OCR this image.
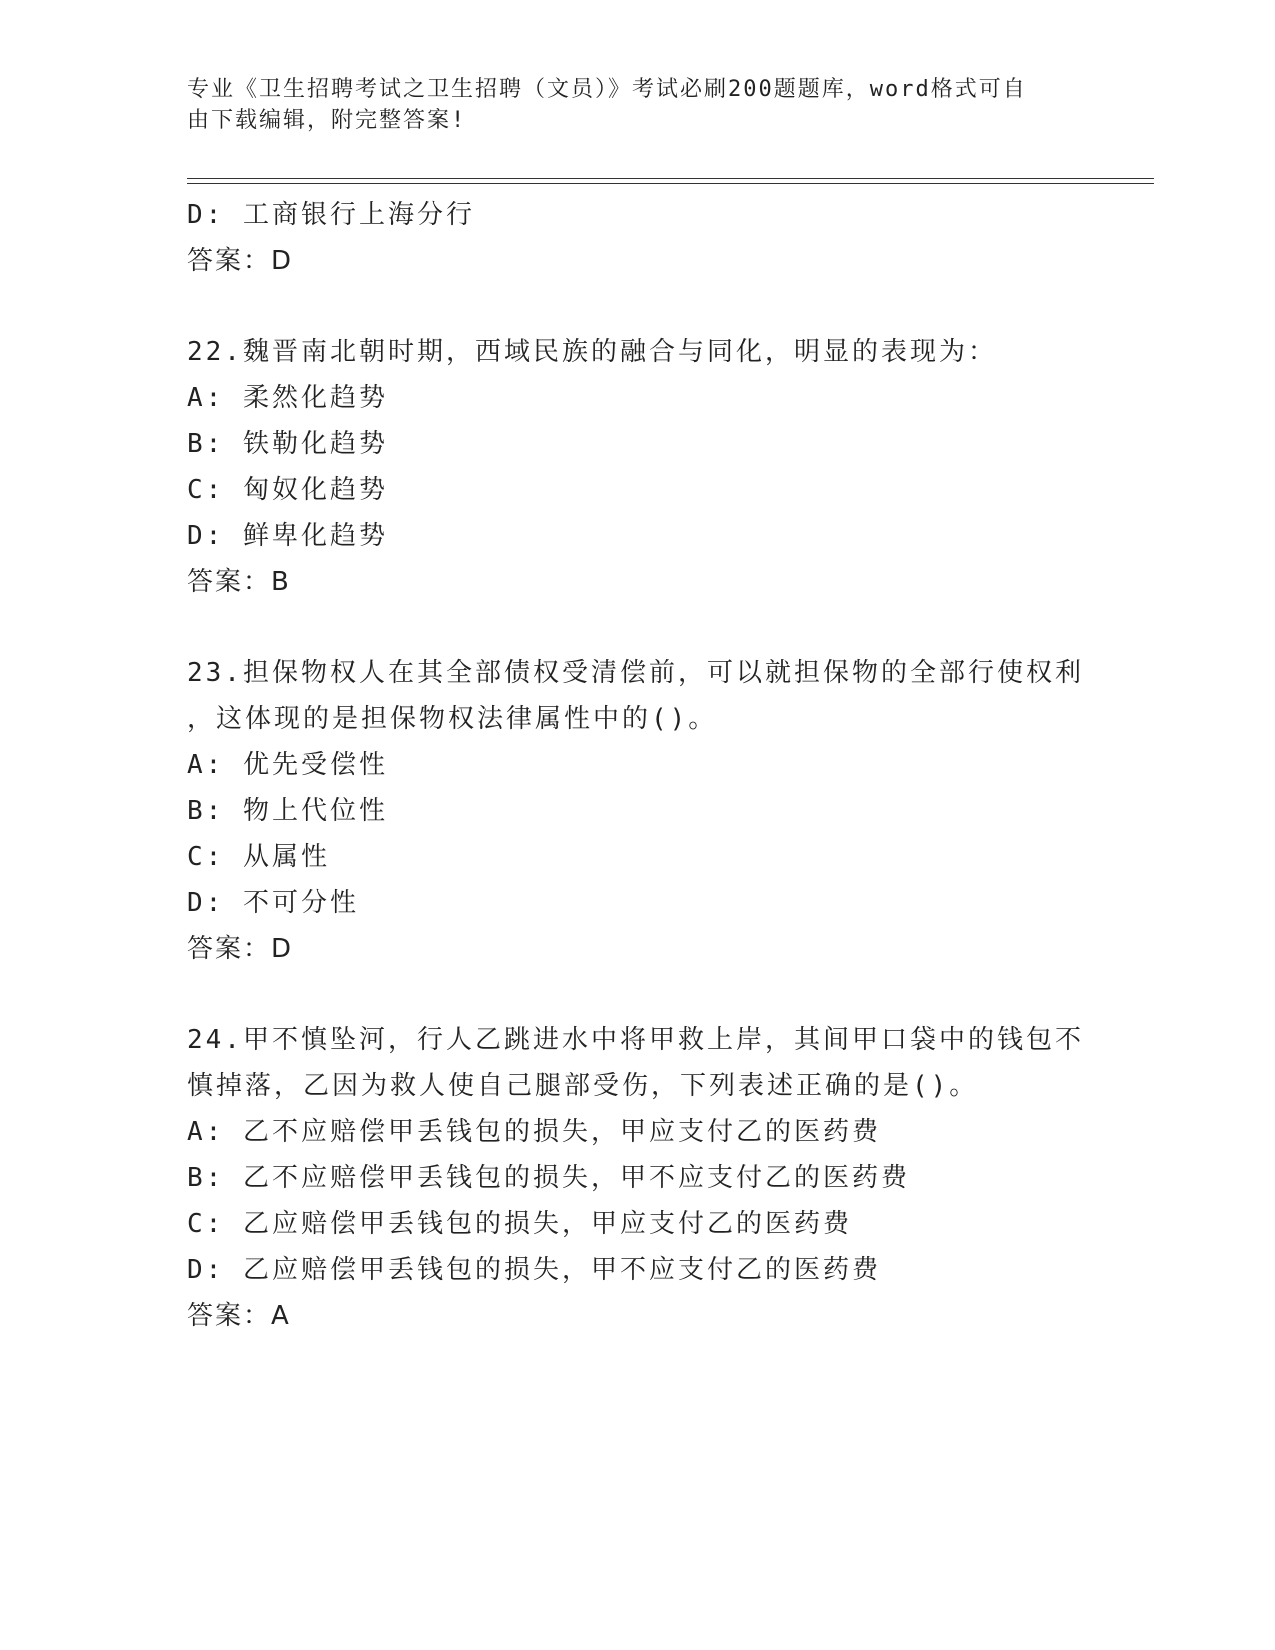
专业《卫生招聘考试之卫生招聘（文员）》考试必刷200题题库，word格式可自
由下载编辑，附完整答案!
D: 工商银行上海分行
答案：D
22.魏晋南北朝时期，西域民族的融合与同化，明显的表现为：
A: 柔然化趋势
B: 铁勒化趋势
C: 匈奴化趋势
D: 鲜卑化趋势
答案：B
23.担保物权人在其全部债权受清偿前，可以就担保物的全部行使权利
，这体现的是担保物权法律属性中的()。
A: 优先受偿性
B: 物上代位性
C: 从属性
D: 不可分性
答案：D
24.甲不慎坠河，行人乙跳进水中将甲救上岸，其间甲口袋中的钱包不
慎掉落，乙因为救人使自己腿部受伤，下列表述正确的是()。
A: 乙不应赔偿甲丢钱包的损失，甲应支付乙的医药费
B: 乙不应赔偿甲丢钱包的损失，甲不应支付乙的医药费
C: 乙应赔偿甲丢钱包的损失，甲应支付乙的医药费
D: 乙应赔偿甲丢钱包的损失，甲不应支付乙的医药费
答案：A
